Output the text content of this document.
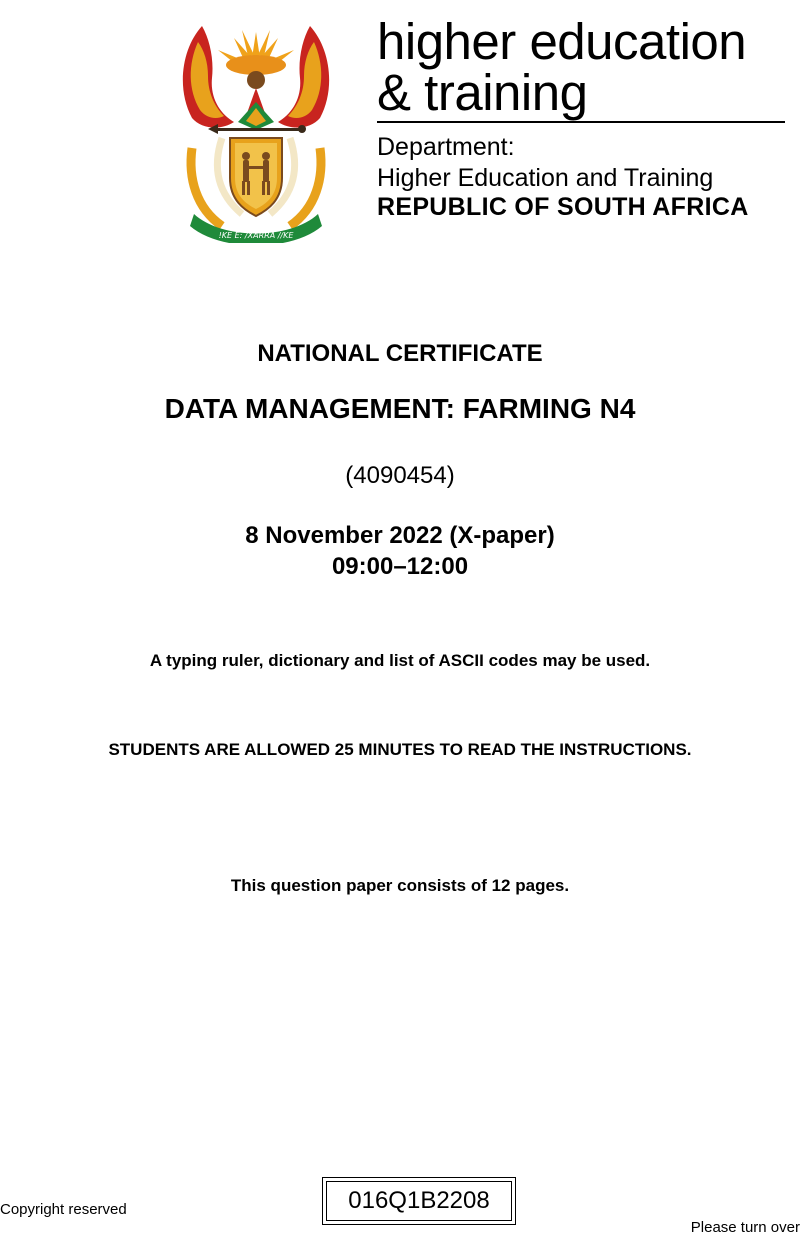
!KE E: /XARRA //KE
higher education
& training
Department:
Higher Education and Training
REPUBLIC OF SOUTH AFRICA
NATIONAL CERTIFICATE
DATA MANAGEMENT: FARMING N4
(4090454)
8 November 2022 (X-paper)
09:00–12:00
A typing ruler, dictionary and list of ASCII codes may be used.
STUDENTS ARE ALLOWED 25 MINUTES TO READ THE INSTRUCTIONS.
This question paper consists of 12 pages.
Copyright reserved	016Q1B2208
Please turn over
